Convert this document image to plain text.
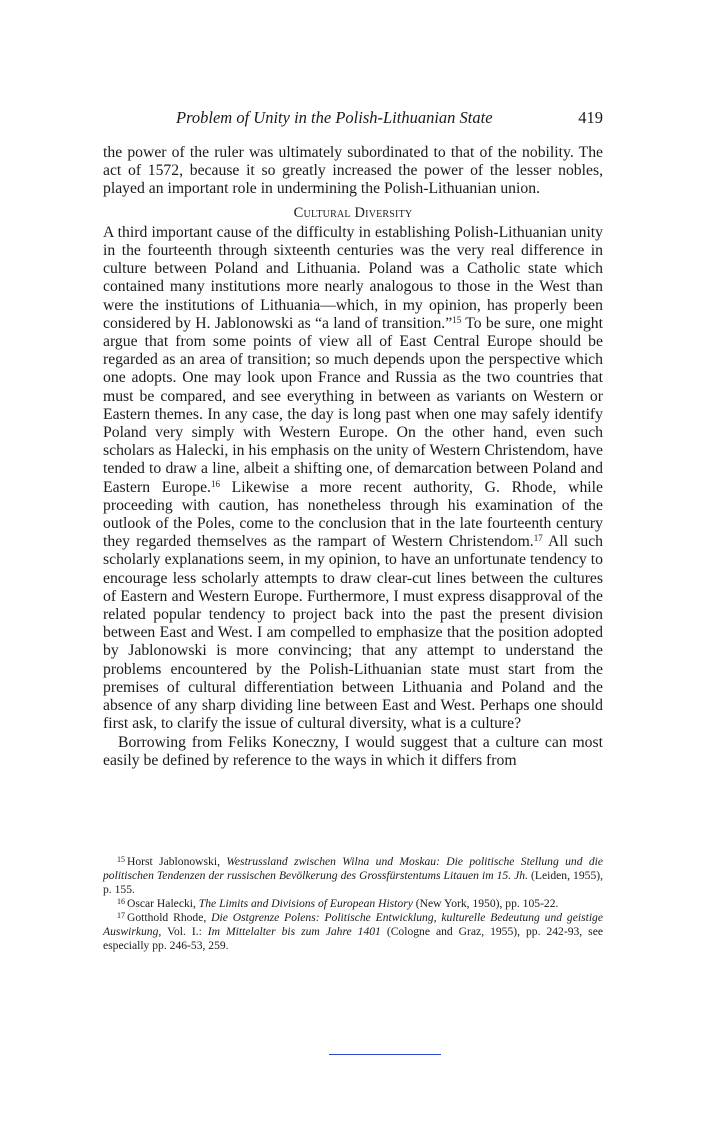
Problem of Unity in the Polish-Lithuanian State	419

the power of the ruler was ultimately subordinated to that of the nobility. The act of 1572, because it so greatly increased the power of the lesser nobles, played an important role in undermining the Polish-Lithuanian union.

Cultural Diversity

A third important cause of the difficulty in establishing Polish-Lithuanian unity in the fourteenth through sixteenth centuries was the very real difference in culture between Poland and Lithuania. Poland was a Catholic state which contained many institutions more nearly analogous to those in the West than were the institutions of Lithuania—which, in my opinion, has properly been considered by H. Jablonowski as “a land of transition.”$^{15}$ To be sure, one might argue that from some points of view all of East Central Europe should be regarded as an area of transition; so much depends upon the perspective which one adopts. One may look upon France and Russia as the two countries that must be compared, and see everything in between as variants on Western or Eastern themes. In any case, the day is long past when one may safely identify Poland very simply with Western Europe. On the other hand, even such scholars as Halecki, in his emphasis on the unity of Western Christendom, have tended to draw a line, albeit a shifting one, of demarcation between Poland and Eastern Europe.$^{16}$ Likewise a more recent authority, G. Rhode, while proceeding with caution, has nonetheless through his examination of the outlook of the Poles, come to the conclusion that in the late fourteenth century they regarded themselves as the rampart of Western Christendom.$^{17}$ All such scholarly explanations seem, in my opinion, to have an unfortunate tendency to encourage less scholarly attempts to draw clear-cut lines between the cultures of Eastern and Western Europe. Furthermore, I must express disapproval of the related popular tendency to project back into the past the present division between East and West. I am compelled to emphasize that the position adopted by Jablonowski is more convincing; that any attempt to understand the problems encountered by the Polish-Lithuanian state must start from the premises of cultural differentiation between Lithuania and Poland and the absence of any sharp dividing line between East and West. Perhaps one should first ask, to clarify the issue of cultural diversity, what is a culture?

Borrowing from Feliks Koneczny, I would suggest that a culture can most easily be defined by reference to the ways in which it differs from

$^{15}$ Horst Jablonowski, Westrussland zwischen Wilna und Moskau: Die politische Stellung und die politischen Tendenzen der russischen Bevölkerung des Grossfürstentums Litauen im 15. Jh. (Leiden, 1955), p. 155.

$^{16}$ Oscar Halecki, The Limits and Divisions of European History (New York, 1950), pp. 105-22.

$^{17}$ Gotthold Rhode, Die Ostgrenze Polens: Politische Entwicklung, kulturelle Bedeutung und geistige Auswirkung, Vol. I.: Im Mittelalter bis zum Jahre 1401 (Cologne and Graz, 1955), pp. 242-93, see especially pp. 246-53, 259.
